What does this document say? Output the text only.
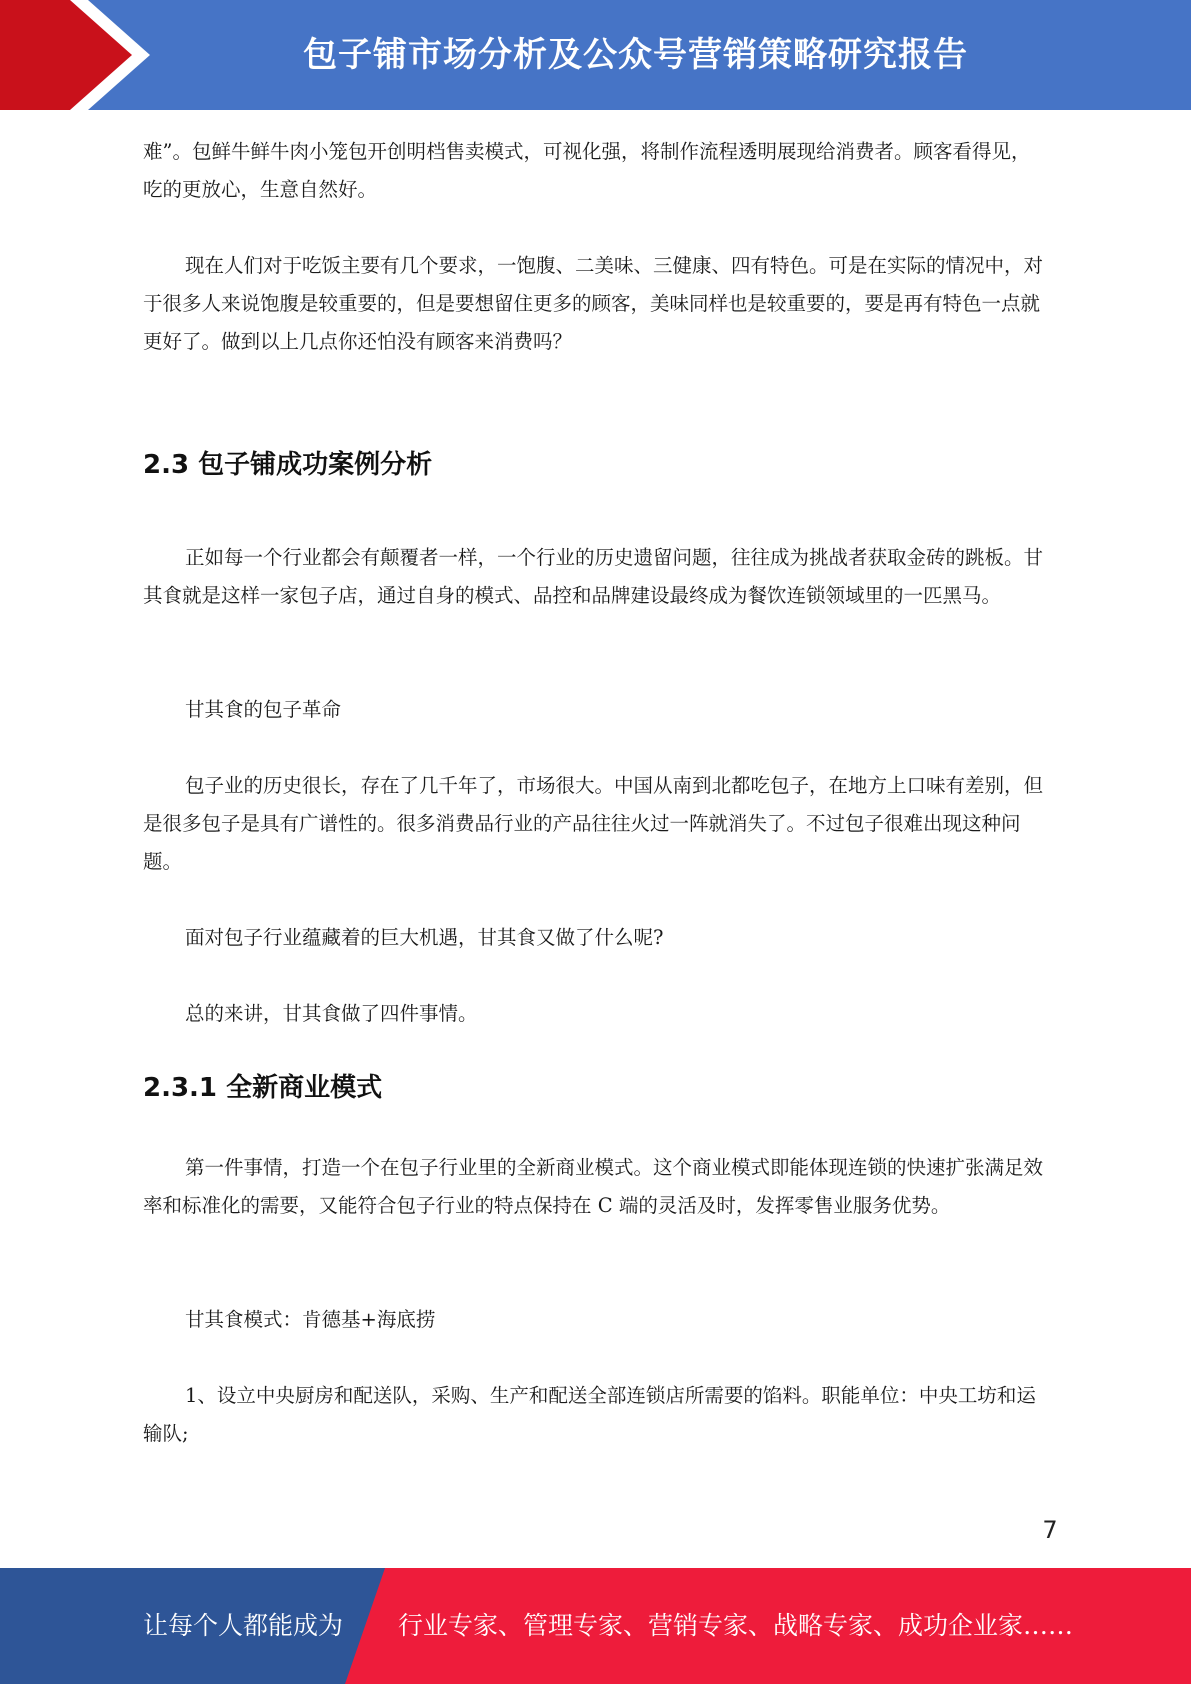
包子铺市场分析及公众号营销策略研究报告

难”。包鲜牛鲜牛肉小笼包开创明档售卖模式，可视化强，将制作流程透明展现给消费者。顾客看得见，吃的更放心，生意自然好。

现在人们对于吃饭主要有几个要求，一饱腹、二美味、三健康、四有特色。可是在实际的情况中，对于很多人来说饱腹是较重要的，但是要想留住更多的顾客，美味同样也是较重要的，要是再有特色一点就更好了。做到以上几点你还怕没有顾客来消费吗？

2.3 包子铺成功案例分析

正如每一个行业都会有颠覆者一样，一个行业的历史遗留问题，往往成为挑战者获取金砖的跳板。甘其食就是这样一家包子店，通过自身的模式、品控和品牌建设最终成为餐饮连锁领域里的一匹黑马。

甘其食的包子革命

包子业的历史很长，存在了几千年了，市场很大。中国从南到北都吃包子，在地方上口味有差别，但是很多包子是具有广谱性的。很多消费品行业的产品往往火过一阵就消失了。不过包子很难出现这种问题。

面对包子行业蕴藏着的巨大机遇，甘其食又做了什么呢?

总的来讲，甘其食做了四件事情。

2.3.1 全新商业模式

第一件事情，打造一个在包子行业里的全新商业模式。这个商业模式即能体现连锁的快速扩张满足效率和标准化的需要，又能符合包子行业的特点保持在 C 端的灵活及时，发挥零售业服务优势。

甘其食模式：肯德基+海底捞

1、设立中央厨房和配送队，采购、生产和配送全部连锁店所需要的馅料。职能单位：中央工坊和运输队;

7
让每个人都能成为 行业专家、管理专家、营销专家、战略专家、成功企业家……
